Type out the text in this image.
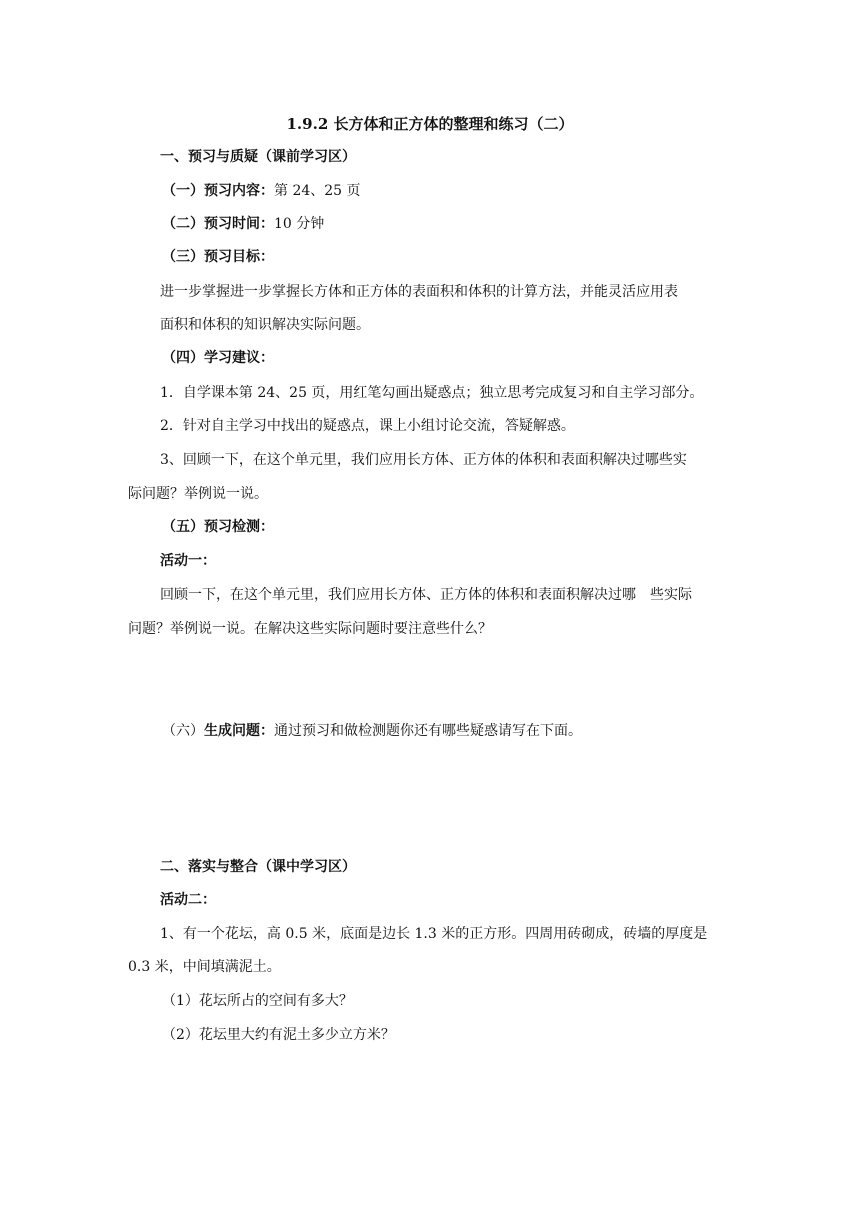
1.9.2 长方体和正方体的整理和练习（二）
一、预习与质疑（课前学习区）
（一）预习内容：第 24、25 页
（二）预习时间：10 分钟
（三）预习目标：
进一步掌握进一步掌握长方体和正方体的表面积和体积的计算方法，并能灵活应用表
面积和体积的知识解决实际问题。
（四）学习建议：
1．自学课本第 24、25 页，用红笔勾画出疑惑点；独立思考完成复习和自主学习部分。
2．针对自主学习中找出的疑惑点，课上小组讨论交流，答疑解惑。
3、回顾一下，在这个单元里，我们应用长方体、正方体的体积和表面积解决过哪些实
际问题？举例说一说。
（五）预习检测：
活动一：
回顾一下，在这个单元里，我们应用长方体、正方体的体积和表面积解决过哪　些实际
问题？举例说一说。在解决这些实际问题时要注意些什么？
（六）生成问题：通过预习和做检测题你还有哪些疑惑请写在下面。
二、落实与整合（课中学习区）
活动二：
1、有一个花坛，高 0.5 米，底面是边长 1.3 米的正方形。四周用砖砌成，砖墙的厚度是
0.3 米，中间填满泥土。
（1）花坛所占的空间有多大？
（2）花坛里大约有泥土多少立方米？
